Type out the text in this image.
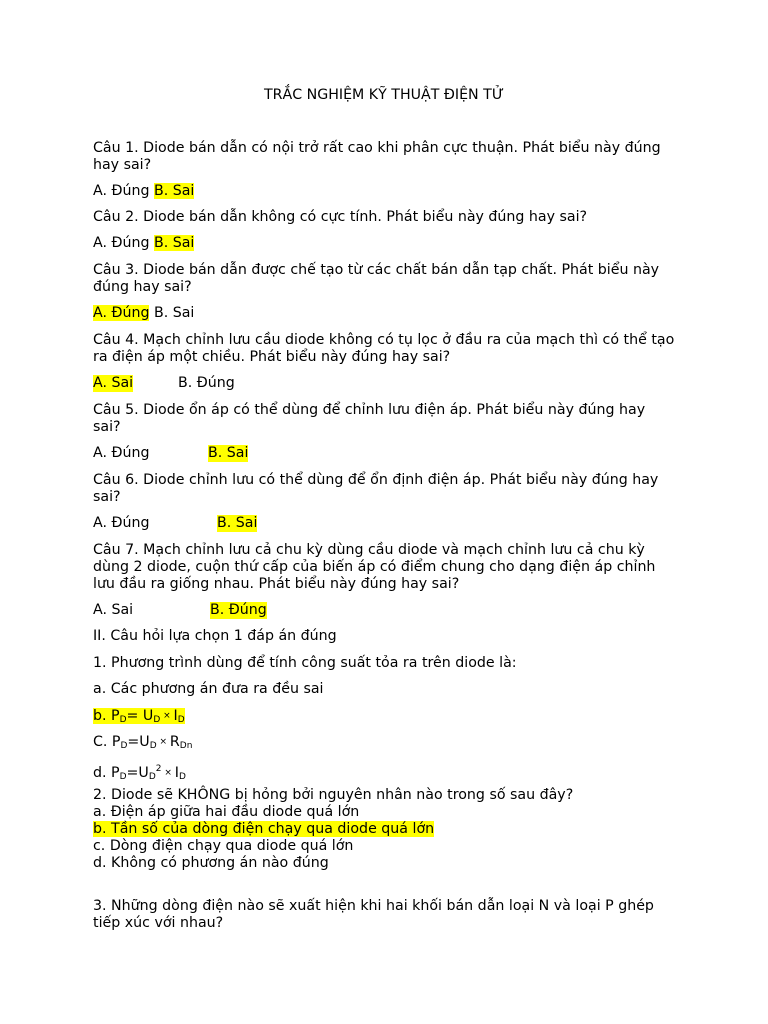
TRẮC NGHIỆM KỸ THUẬT ĐIỆN TỬ
Câu 1. Diode bán dẫn có nội trở rất cao khi phân cực thuận. Phát biểu này đúng
hay sai?
A. Đúng B. Sai
Câu 2. Diode bán dẫn không có cực tính. Phát biểu này đúng hay sai?
A. Đúng B. Sai
Câu 3. Diode bán dẫn được chế tạo từ các chất bán dẫn tạp chất. Phát biểu này
đúng hay sai?
A. Đúng B. Sai
Câu 4. Mạch chỉnh lưu cầu diode không có tụ lọc ở đầu ra của mạch thì có thể tạo
ra điện áp một chiều. Phát biểu này đúng hay sai?

A. Sai

	B. Đúng

Câu 5. Diode ổn áp có thể dùng để chỉnh lưu điện áp. Phát biểu này đúng hay
sai?

A. Đúng

	B. Sai

Câu 6. Diode chỉnh lưu có thể dùng để ổn định điện áp. Phát biểu này đúng hay
sai?

A. Đúng

	B. Sai

Câu 7. Mạch chỉnh lưu cả chu kỳ dùng cầu diode và mạch chỉnh lưu cả chu kỳ
dùng 2 diode, cuộn thứ cấp của biến áp có điểm chung cho dạng điện áp chỉnh
lưu đầu ra giống nhau. Phát biểu này đúng hay sai?

A. Sai

	B. Đúng

II. Câu hỏi lựa chọn 1 đáp án đúng
1. Phương trình dùng để tính công suất tỏa ra trên diode là:
a. Các phương án đưa ra đều sai
b. $P_D= U_D \times I_D$
C. $P_D=U_D \times R_{Dn}$
d. $P_D=U_D^2 \times I_D$
2. Diode sẽ KHÔNG bị hỏng bởi nguyên nhân nào trong số sau đây?
a. Điện áp giữa hai đầu diode quá lớn
b. Tần số của dòng điện chạy qua diode quá lớn
c. Dòng điện chạy qua diode quá lớn
d. Không có phương án nào đúng
3. Những dòng điện nào sẽ xuất hiện khi hai khối bán dẫn loại N và loại P ghép
tiếp xúc với nhau?
